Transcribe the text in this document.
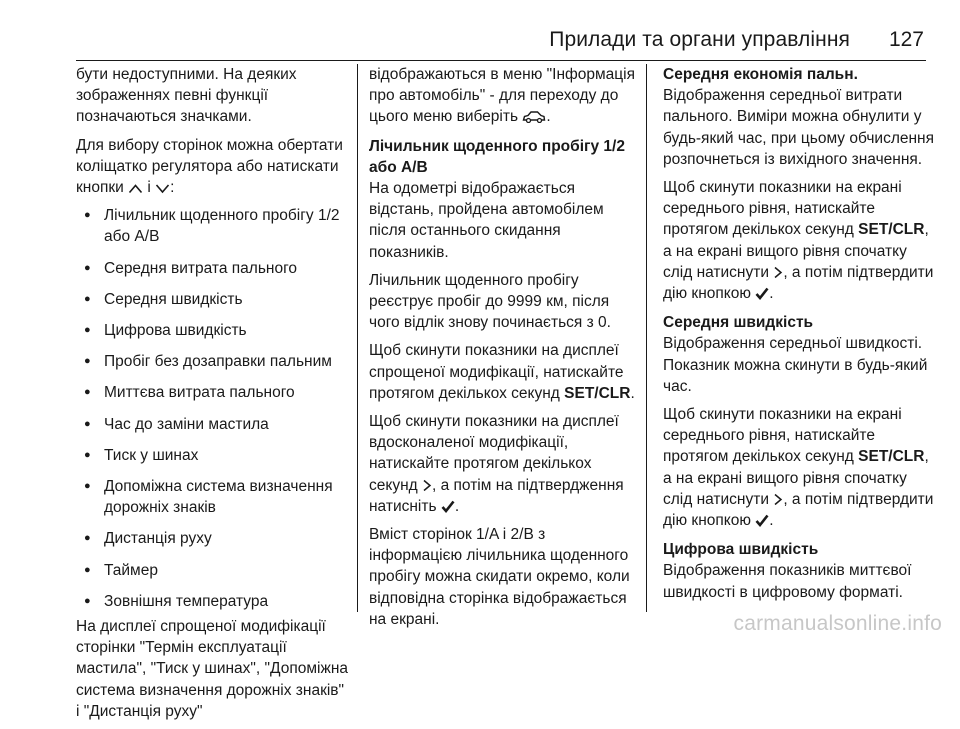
Прилади та органи управління 127

бути недоступними. На деяких зображеннях певні функції позначаються значками.

Для вибору сторінок можна обертати коліщатко регулятора або натискати кнопки  і :

● Лічильник щоденного пробігу 1/2 або A/B
● Середня витрата пального
● Середня швидкість
● Цифрова швидкість
● Пробіг без дозаправки пальним
● Миттєва витрата пального
● Час до заміни мастила
● Тиск у шинах
● Допоміжна система визначення дорожніх знаків
● Дистанція руху
● Таймер
● Зовнішня температура

На дисплеї спрощеної модифікації сторінки "Термін експлуатації мастила", "Тиск у шинах", "Допоміжна система визначення дорожніх знаків" і "Дистанція руху"

відображаються в меню "Інформація про автомобіль" - для переходу до цього меню виберіть .

Лічильник щоденного пробігу 1/2 або A/B

На одометрі відображається відстань, пройдена автомобілем після останнього скидання показників.

Лічильник щоденного пробігу реєструє пробіг до 9999 км, після чого відлік знову починається з 0.

Щоб скинути показники на дисплеї спрощеної модифікації, натискайте протягом декількох секунд SET/CLR.

Щоб скинути показники на дисплеї вдосконаленої модифікації, натискайте протягом декількох секунд , а потім на підтвердження натисніть .

Вміст сторінок 1/A і 2/B з інформацією лічильника щоденного пробігу можна скидати окремо, коли відповідна сторінка відображається на екрані.

Середня економія пальн.

Відображення середньої витрати пального. Виміри можна обнулити у будь-який час, при цьому обчислення розпочнеться із вихідного значення.

Щоб скинути показники на екрані середнього рівня, натискайте протягом декількох секунд SET/CLR, а на екрані вищого рівня спочатку слід натиснути , а потім підтвердити дію кнопкою .

Середня швидкість

Відображення середньої швидкості. Показник можна скинути в будь-який час.

Щоб скинути показники на екрані середнього рівня, натискайте протягом декількох секунд SET/CLR, а на екрані вищого рівня спочатку слід натиснути , а потім підтвердити дію кнопкою .

Цифрова швидкість

Відображення показників миттєвої швидкості в цифровому форматі.

carmanualsonline.info
